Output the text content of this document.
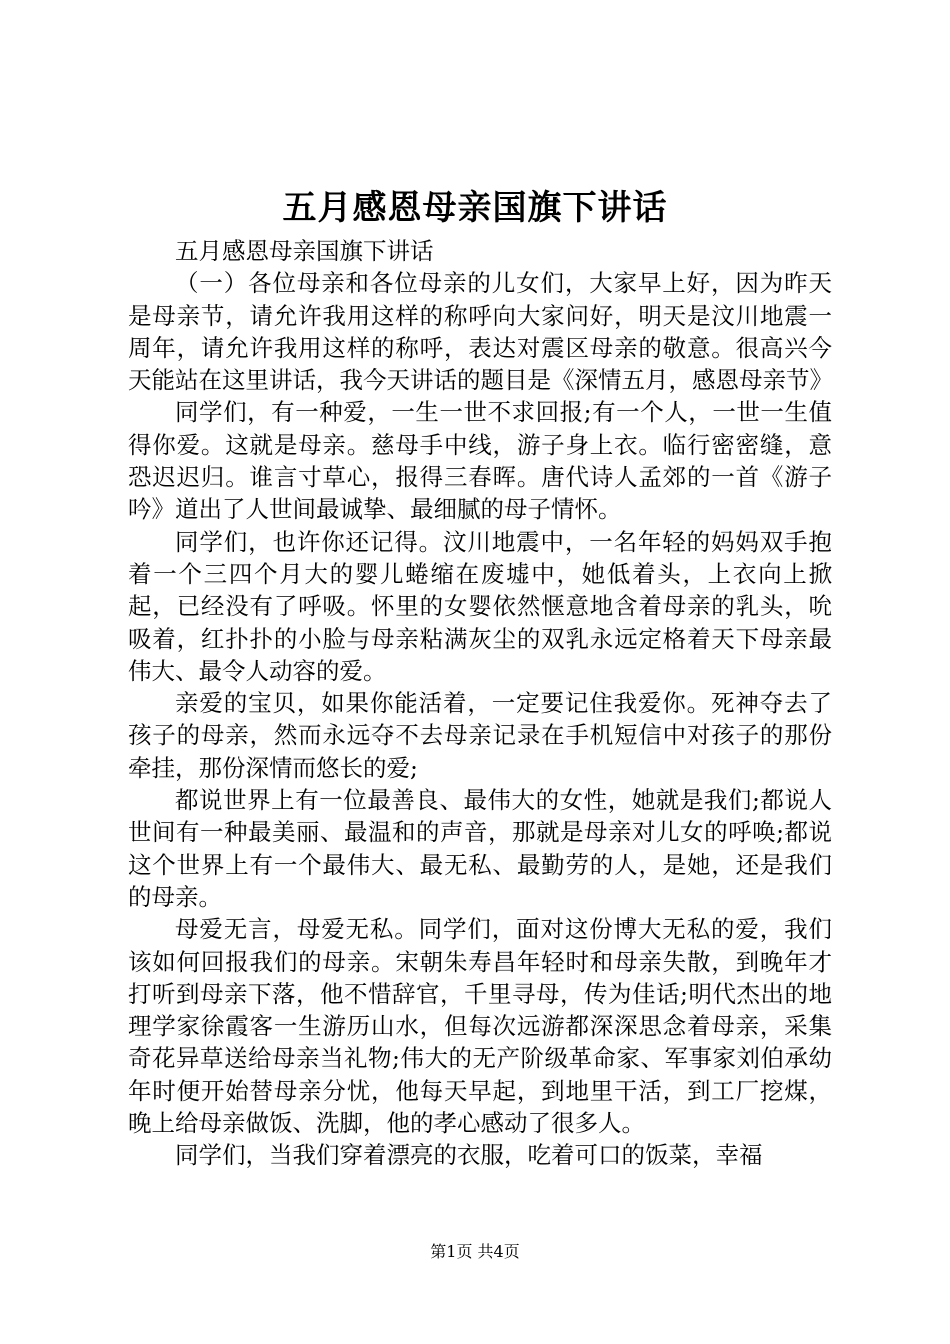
五月感恩母亲国旗下讲话

五月感恩母亲国旗下讲话

（一）各位母亲和各位母亲的儿女们，大家早上好，因为昨天是母亲节，请允许我用这样的称呼向大家问好，明天是汶川地震一周年，请允许我用这样的称呼，表达对震区母亲的敬意。很高兴今天能站在这里讲话，我今天讲话的题目是《深情五月，感恩母亲节》

同学们，有一种爱，一生一世不求回报;有一个人，一世一生值得你爱。这就是母亲。慈母手中线，游子身上衣。临行密密缝，意恐迟迟归。谁言寸草心，报得三春晖。唐代诗人孟郊的一首《游子吟》道出了人世间最诚挚、最细腻的母子情怀。

同学们，也许你还记得。汶川地震中，一名年轻的妈妈双手抱着一个三四个月大的婴儿蜷缩在废墟中，她低着头，上衣向上掀起，已经没有了呼吸。怀里的女婴依然惬意地含着母亲的乳头，吮吸着，红扑扑的小脸与母亲粘满灰尘的双乳永远定格着天下母亲最伟大、最令人动容的爱。

亲爱的宝贝，如果你能活着，一定要记住我爱你。死神夺去了孩子的母亲，然而永远夺不去母亲记录在手机短信中对孩子的那份牵挂，那份深情而悠长的爱;

都说世界上有一位最善良、最伟大的女性，她就是我们;都说人世间有一种最美丽、最温和的声音，那就是母亲对儿女的呼唤;都说这个世界上有一个最伟大、最无私、最勤劳的人，是她，还是我们的母亲。

母爱无言，母爱无私。同学们，面对这份博大无私的爱，我们该如何回报我们的母亲。宋朝朱寿昌年轻时和母亲失散，到晚年才打听到母亲下落，他不惜辞官，千里寻母，传为佳话;明代杰出的地理学家徐霞客一生游历山水，但每次远游都深深思念着母亲，采集奇花异草送给母亲当礼物;伟大的无产阶级革命家、军事家刘伯承幼年时便开始替母亲分忧，他每天早起，到地里干活，到工厂挖煤，晚上给母亲做饭、洗脚，他的孝心感动了很多人。

同学们，当我们穿着漂亮的衣服，吃着可口的饭菜，幸福

第1页 共4页
